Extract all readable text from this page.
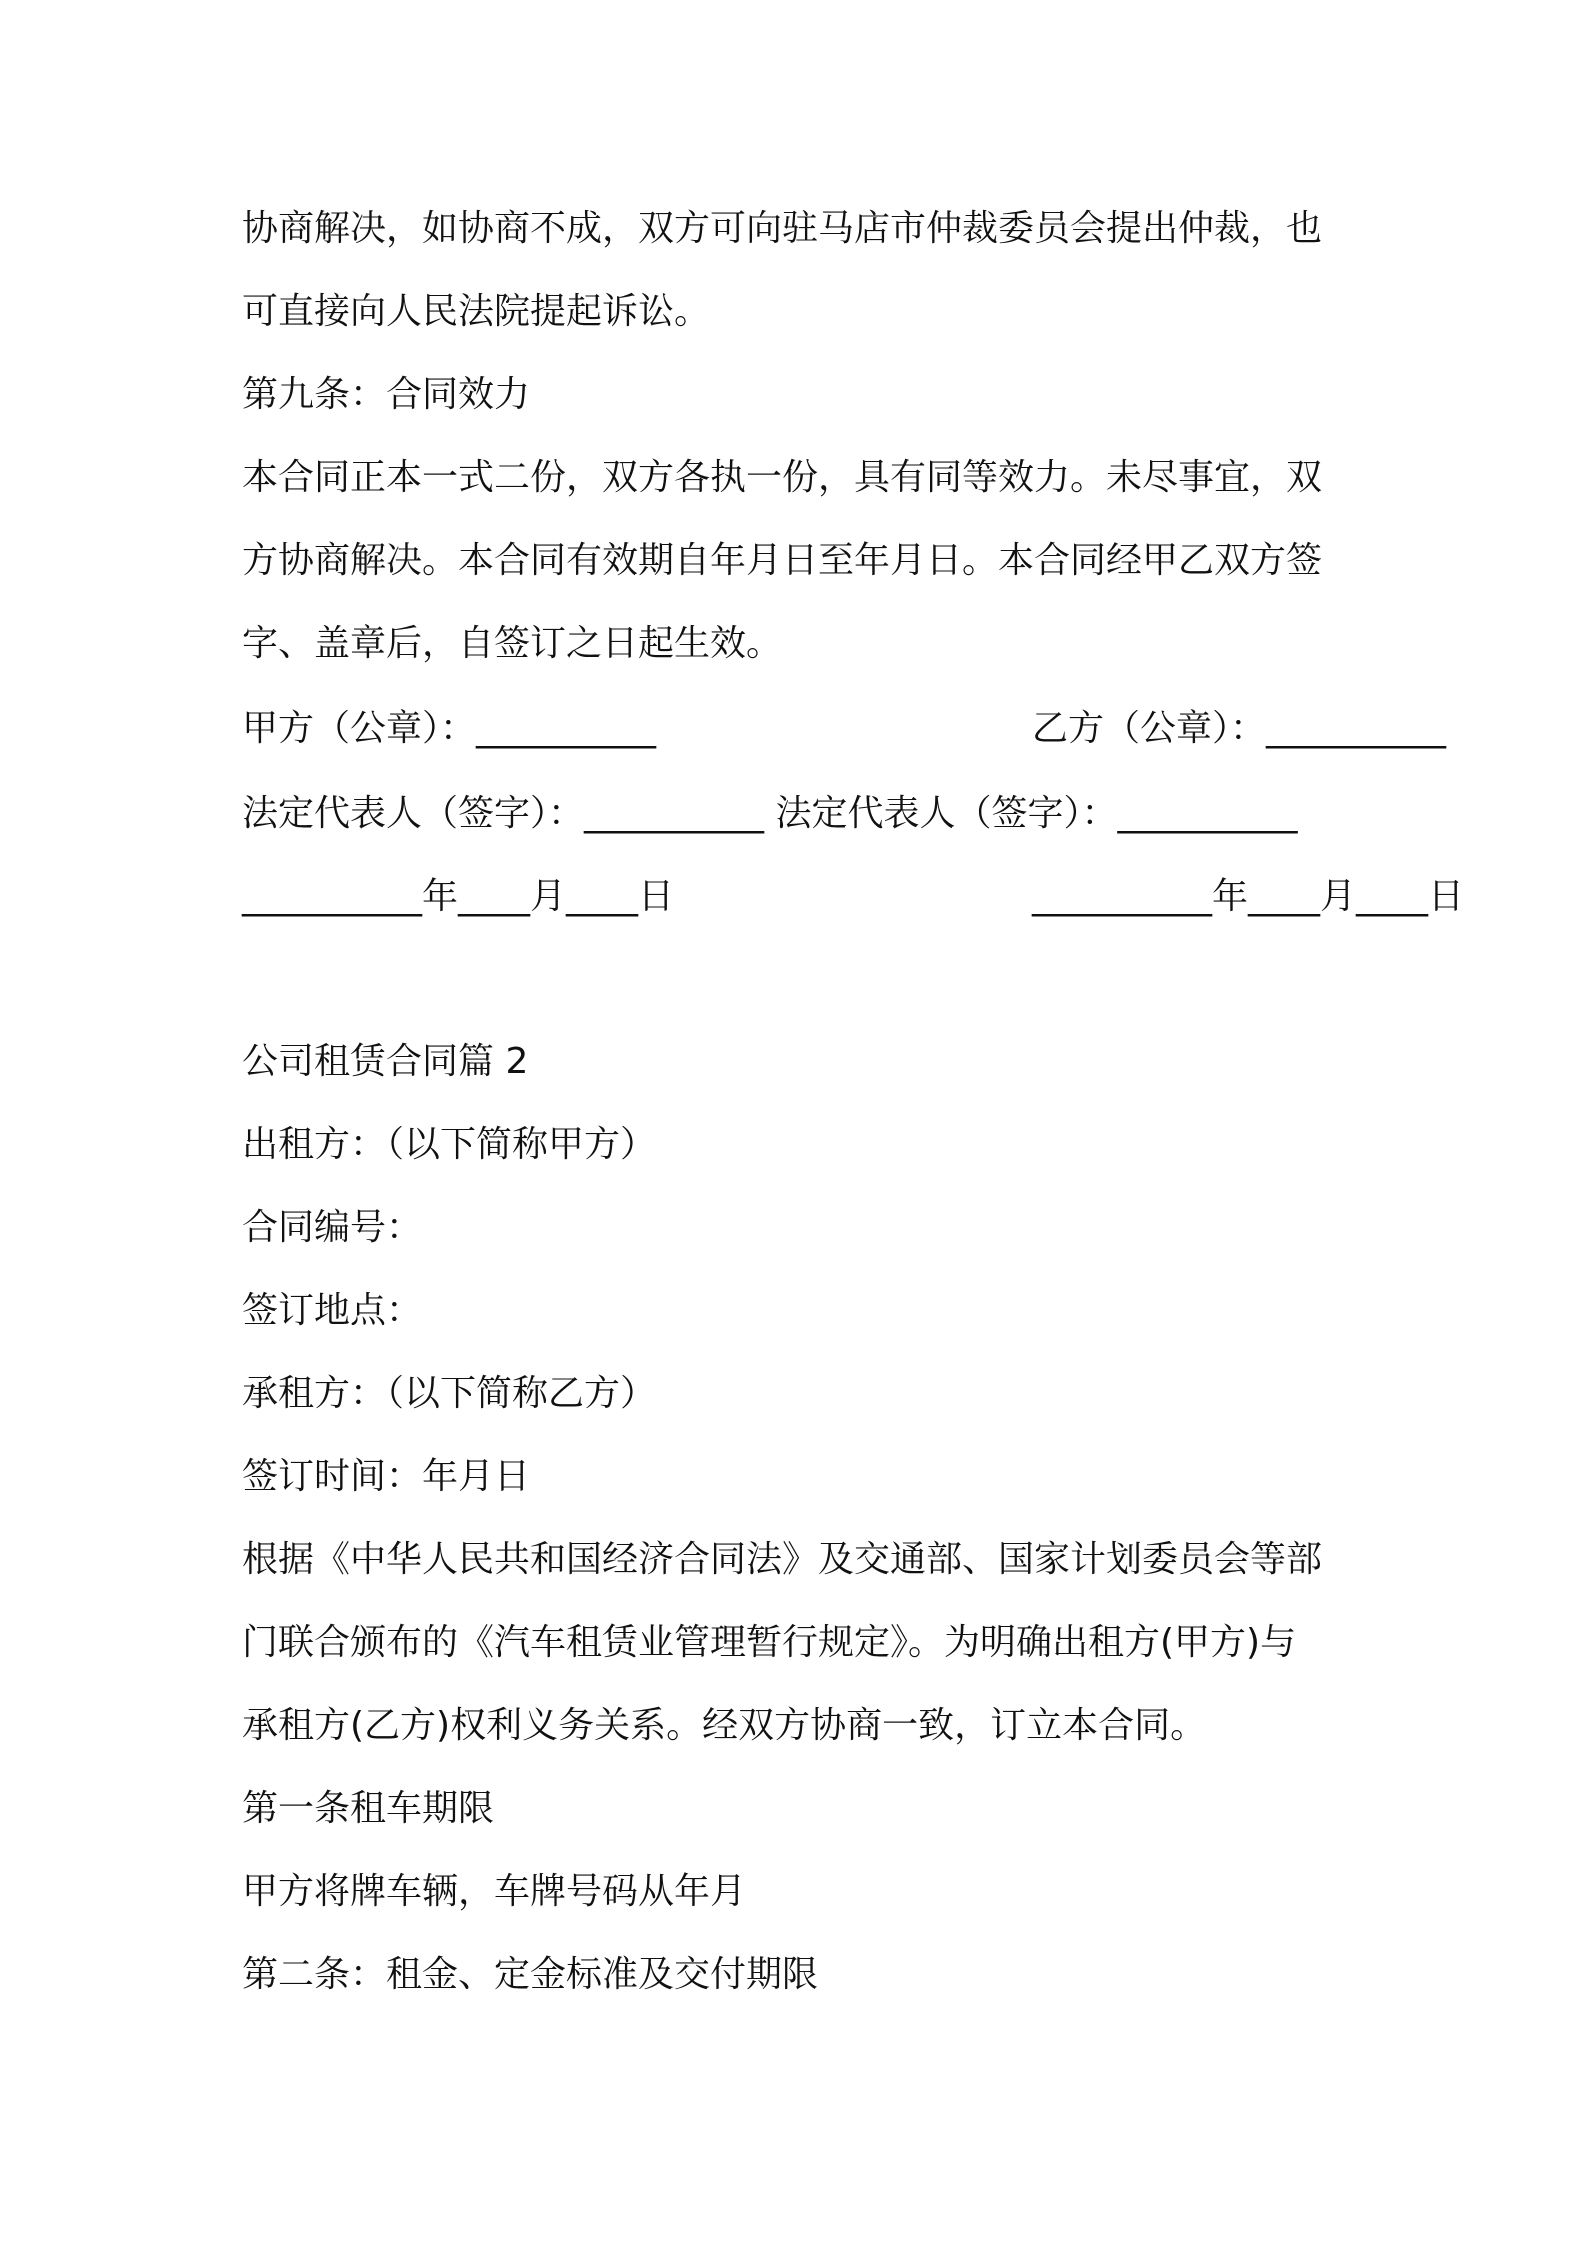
协商解决，如协商不成，双方可向驻马店市仲裁委员会提出仲裁，也
可直接向人民法院提起诉讼。
第九条：合同效力
本合同正本一式二份，双方各执一份，具有同等效力。未尽事宜，双
方协商解决。本合同有效期自年月日至年月日。本合同经甲乙双方签
字、盖章后，自签订之日起生效。
甲方（公章）：__________	乙方（公章）：__________
法定代表人（签字）：__________ 法定代表人（签字）：__________
__________年____月____日	__________年____月____日
公司租赁合同篇 2
出租方：（以下简称甲方）
合同编号：
签订地点：
承租方：（以下简称乙方）
签订时间：年月日
根据《中华人民共和国经济合同法》及交通部、国家计划委员会等部
门联合颁布的《汽车租赁业管理暂行规定》。为明确出租方(甲方)与
承租方(乙方)权利义务关系。经双方协商一致，订立本合同。
第一条租车期限
甲方将牌车辆，车牌号码从年月
第二条：租金、定金标准及交付期限
